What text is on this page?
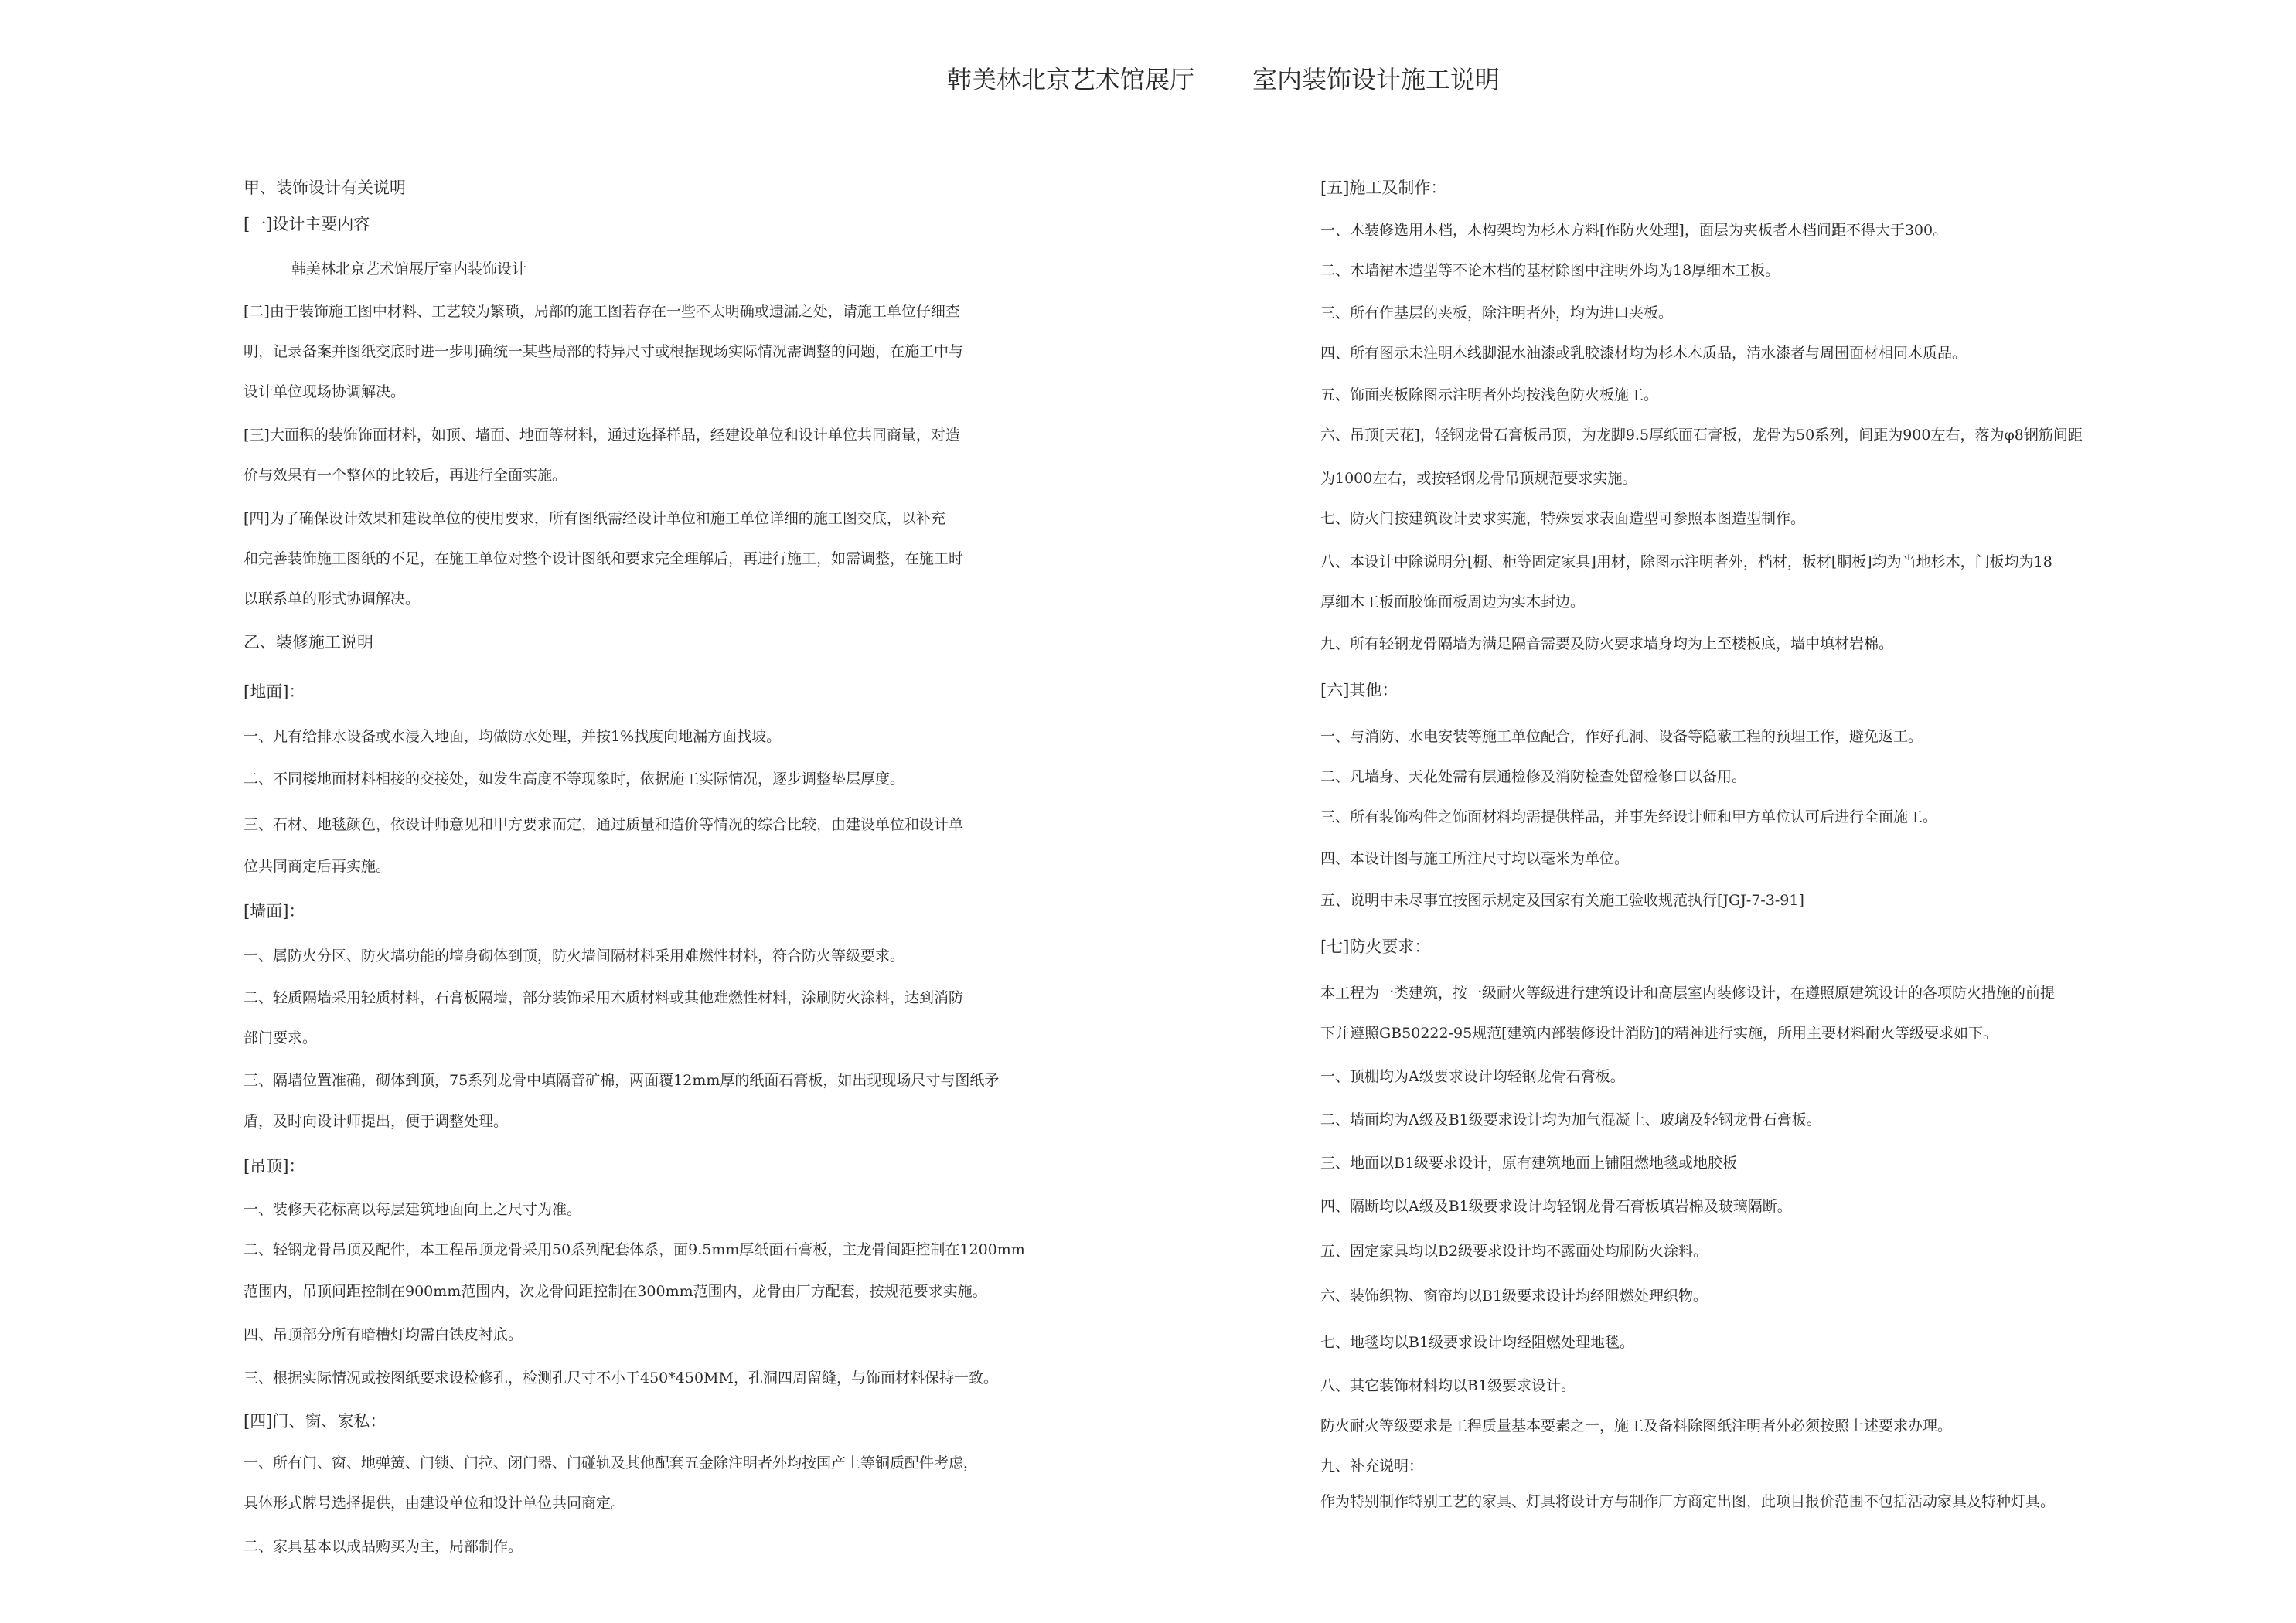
韩美林北京艺术馆展厅 室内装饰设计施工说明

甲、装饰设计有关说明

[一]设计主要内容

韩美林北京艺术馆展厅室内装饰设计

[二]由于装饰施工图中材料、工艺较为繁琐，局部的施工图若存在一些不太明确或遗漏之处，请施工单位仔细查

明，记录备案并图纸交底时进一步明确统一某些局部的特异尺寸或根据现场实际情况需调整的问题，在施工中与

设计单位现场协调解决。

[三]大面积的装饰饰面材料，如顶、墙面、地面等材料，通过选择样品，经建设单位和设计单位共同商量，对造

价与效果有一个整体的比较后，再进行全面实施。

[四]为了确保设计效果和建设单位的使用要求，所有图纸需经设计单位和施工单位详细的施工图交底，以补充

和完善装饰施工图纸的不足，在施工单位对整个设计图纸和要求完全理解后，再进行施工，如需调整，在施工时

以联系单的形式协调解决。

乙、装修施工说明

[地面]：

一、凡有给排水设备或水浸入地面，均做防水处理，并按1%找度向地漏方面找坡。

二、不同楼地面材料相接的交接处，如发生高度不等现象时，依据施工实际情况，逐步调整垫层厚度。

三、石材、地毯颜色，依设计师意见和甲方要求而定，通过质量和造价等情况的综合比较，由建设单位和设计单

位共同商定后再实施。

[墙面]：

一、属防火分区、防火墙功能的墙身砌体到顶，防火墙间隔材料采用难燃性材料，符合防火等级要求。

二、轻质隔墙采用轻质材料，石膏板隔墙，部分装饰采用木质材料或其他难燃性材料，涂刷防火涂料，达到消防

部门要求。

三、隔墙位置准确，砌体到顶，75系列龙骨中填隔音矿棉，两面覆12mm厚的纸面石膏板，如出现现场尺寸与图纸矛

盾，及时向设计师提出，便于调整处理。

[吊顶]：

一、装修天花标高以每层建筑地面向上之尺寸为准。

二、轻钢龙骨吊顶及配件，本工程吊顶龙骨采用50系列配套体系，面9.5mm厚纸面石膏板，主龙骨间距控制在1200mm

范围内，吊顶间距控制在900mm范围内，次龙骨间距控制在300mm范围内，龙骨由厂方配套，按规范要求实施。

四、吊顶部分所有暗槽灯均需白铁皮衬底。

三、根据实际情况或按图纸要求设检修孔，检测孔尺寸不小于450*450MM，孔洞四周留缝，与饰面材料保持一致。

[四]门、窗、家私：

一、所有门、窗、地弹簧、门锁、门拉、闭门器、门碰轨及其他配套五金除注明者外均按国产上等铜质配件考虑，

具体形式牌号选择提供，由建设单位和设计单位共同商定。

二、家具基本以成品购买为主，局部制作。

[五]施工及制作：

一、木装修选用木档，木构架均为杉木方料[作防火处理]，面层为夹板者木档间距不得大于300。

二、木墙裙木造型等不论木档的基材除图中注明外均为18厚细木工板。

三、所有作基层的夹板，除注明者外，均为进口夹板。

四、所有图示未注明木线脚混水油漆或乳胶漆材均为杉木木质品，清水漆者与周围面材相同木质品。

五、饰面夹板除图示注明者外均按浅色防火板施工。

六、吊顶[天花]，轻钢龙骨石膏板吊顶，为龙脚9.5厚纸面石膏板，龙骨为50系列，间距为900左右，落为φ8钢筋间距

为1000左右，或按轻钢龙骨吊顶规范要求实施。

七、防火门按建筑设计要求实施，特殊要求表面造型可参照本图造型制作。

八、本设计中除说明分[橱、柜等固定家具]用材，除图示注明者外，档材，板材[胴板]均为当地杉木，门板均为18

厚细木工板面胶饰面板周边为实木封边。

九、所有轻钢龙骨隔墙为满足隔音需要及防火要求墙身均为上至楼板底，墙中填材岩棉。

[六]其他：

一、与消防、水电安装等施工单位配合，作好孔洞、设备等隐蔽工程的预埋工作，避免返工。

二、凡墙身、天花处需有层通检修及消防检查处留检修口以备用。

三、所有装饰构件之饰面材料均需提供样品，并事先经设计师和甲方单位认可后进行全面施工。

四、本设计图与施工所注尺寸均以毫米为单位。

五、说明中未尽事宜按图示规定及国家有关施工验收规范执行[JGJ-7-3-91]

[七]防火要求：

本工程为一类建筑，按一级耐火等级进行建筑设计和高层室内装修设计，在遵照原建筑设计的各项防火措施的前提

下并遵照GB50222-95规范[建筑内部装修设计消防]的精神进行实施，所用主要材料耐火等级要求如下。

一、顶棚均为A级要求设计均轻钢龙骨石膏板。

二、墙面均为A级及B1级要求设计均为加气混凝土、玻璃及轻钢龙骨石膏板。

三、地面以B1级要求设计，原有建筑地面上铺阻燃地毯或地胶板

四、隔断均以A级及B1级要求设计均轻钢龙骨石膏板填岩棉及玻璃隔断。

五、固定家具均以B2级要求设计均不露面处均刷防火涂料。

六、装饰织物、窗帘均以B1级要求设计均经阻燃处理织物。

七、地毯均以B1级要求设计均经阻燃处理地毯。

八、其它装饰材料均以B1级要求设计。

防火耐火等级要求是工程质量基本要素之一，施工及备料除图纸注明者外必须按照上述要求办理。

九、补充说明：

作为特别制作特别工艺的家具、灯具将设计方与制作厂方商定出图，此项目报价范围不包括活动家具及特种灯具。
